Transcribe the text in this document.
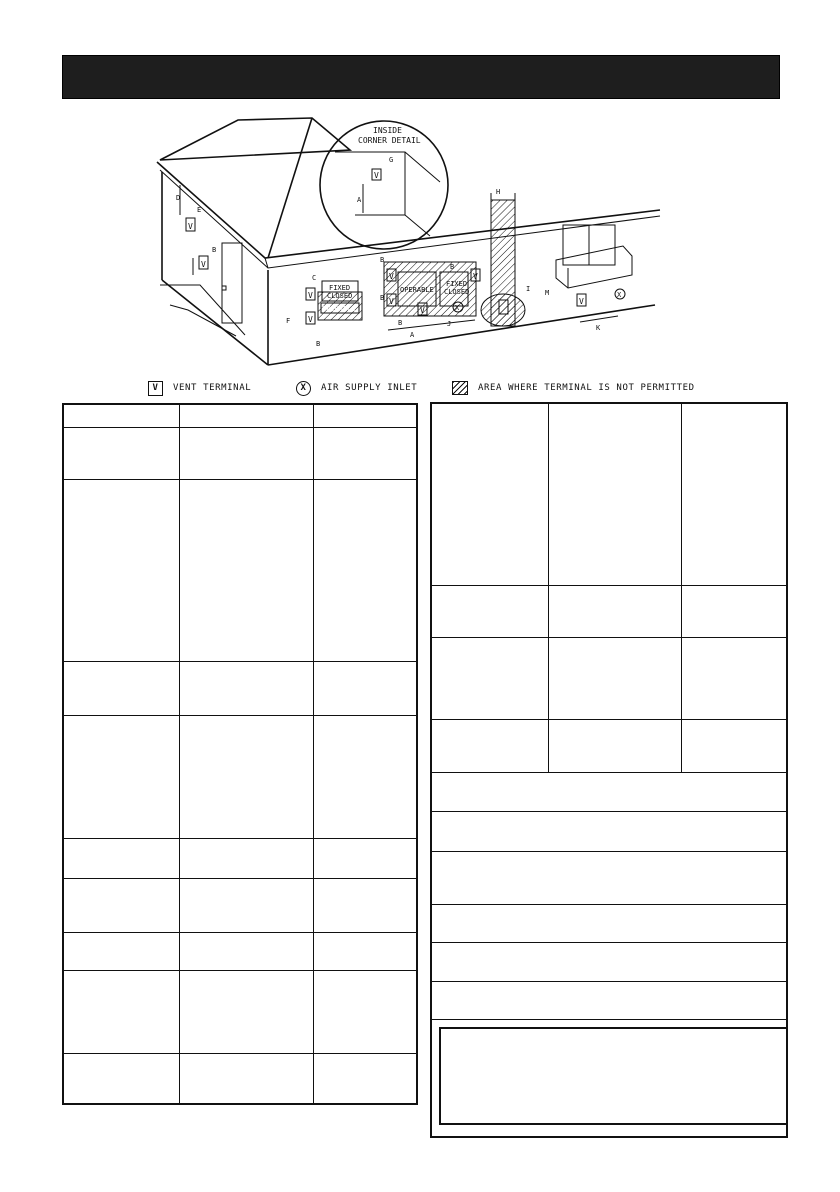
V
V
D
E
B
V
A
G
INSIDE
CORNER DETAIL
FIXED
CLOSED
OPERABLE
V
V
C
F
B
OPERABLE
FIXED
CLOSED
V	V
V
V	X
B
B
B
B
A
J
H
I
V
X
M
K
V	VENT TERMINAL	X	AIR SUPPLY INLET	AREA WHERE TERMINAL IS NOT PERMITTED
